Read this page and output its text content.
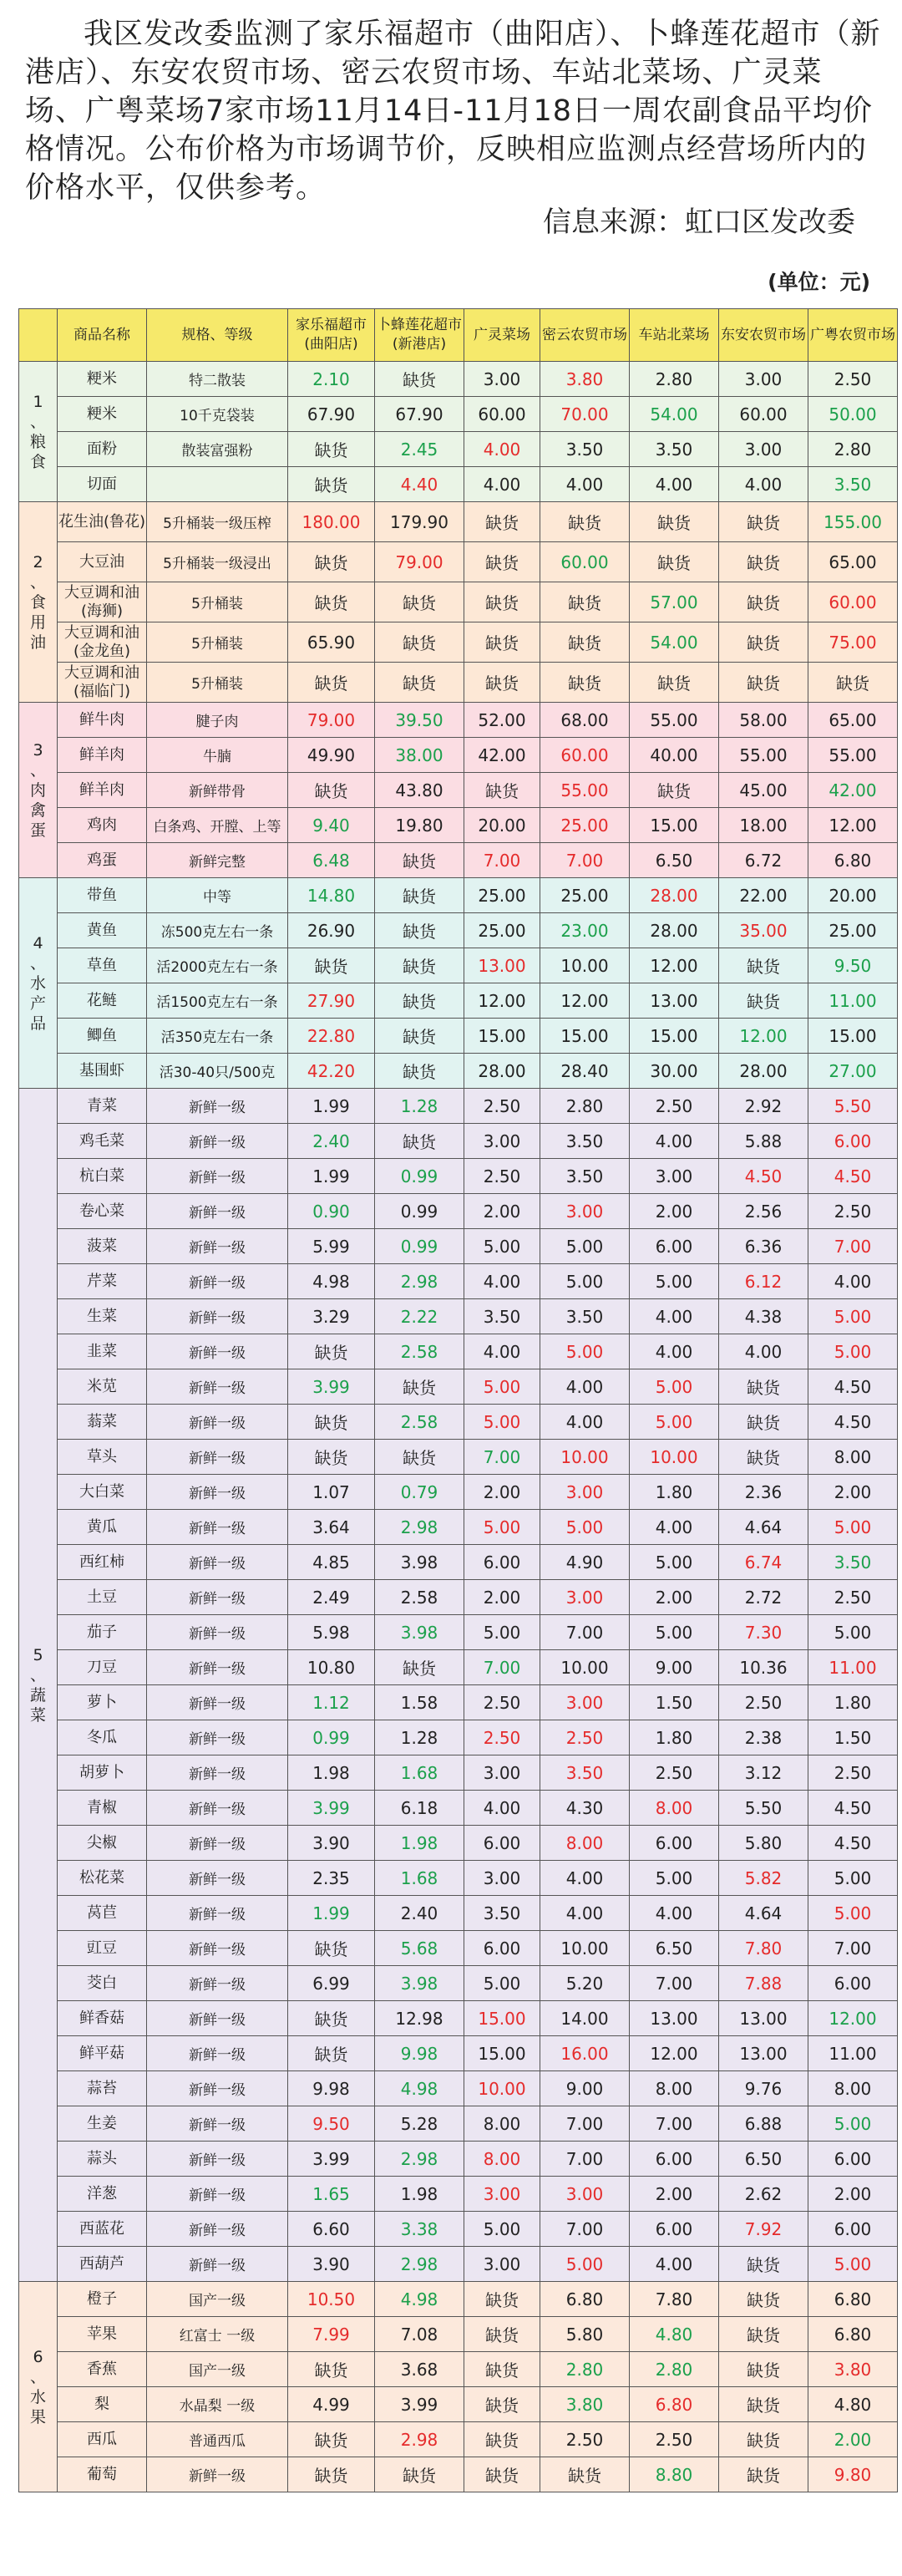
我区发改委监测了家乐福超市（曲阳店）、卜蜂莲花超市（新港店）、东安农贸市场、密云农贸市场、车站北菜场、广灵菜场、广粤菜场7家市场11月14日-11月18日一周农副食品平均价格情况。公布价格为市场调节价，反映相应监测点经营场所内的价格水平，仅供参考。

信息来源：虹口区发改委

(单位：元)

	商品名称	规格、等级	家乐福超市(曲阳店)	卜蜂莲花超市(新港店)	广灵菜场	密云农贸市场	车站北菜场	东安农贸市场	广粤农贸市场

1
、
粮
食	粳米	特二散装	2.10	缺货	3.00	3.80	2.80	3.00	2.50
	粳米	10千克袋装	67.90	67.90	60.00	70.00	54.00	60.00	50.00
	面粉	散装富强粉	缺货	2.45	4.00	3.50	3.50	3.00	2.80
	切面		缺货	4.40	4.00	4.00	4.00	4.00	3.50

2
、
食
用
油	花生油(鲁花)	5升桶装一级压榨	180.00	179.90	缺货	缺货	缺货	缺货	155.00
	大豆油	5升桶装一级浸出	缺货	79.00	缺货	60.00	缺货	缺货	65.00
	大豆调和油(海狮)	5升桶装	缺货	缺货	缺货	缺货	57.00	缺货	60.00
	大豆调和油(金龙鱼)	5升桶装	65.90	缺货	缺货	缺货	54.00	缺货	75.00
	大豆调和油(福临门)	5升桶装	缺货	缺货	缺货	缺货	缺货	缺货	缺货

3
、
肉
禽
蛋	鲜牛肉	腱子肉	79.00	39.50	52.00	68.00	55.00	58.00	65.00
	鲜羊肉	牛腩	49.90	38.00	42.00	60.00	40.00	55.00	55.00
	鲜羊肉	新鲜带骨	缺货	43.80	缺货	55.00	缺货	45.00	42.00
	鸡肉	白条鸡、开膛、上等	9.40	19.80	20.00	25.00	15.00	18.00	12.00
	鸡蛋	新鲜完整	6.48	缺货	7.00	7.00	6.50	6.72	6.80

4
、
水
产
品	带鱼	中等	14.80	缺货	25.00	25.00	28.00	22.00	20.00
	黄鱼	冻500克左右一条	26.90	缺货	25.00	23.00	28.00	35.00	25.00
	草鱼	活2000克左右一条	缺货	缺货	13.00	10.00	12.00	缺货	9.50
	花鲢	活1500克左右一条	27.90	缺货	12.00	12.00	13.00	缺货	11.00
	鲫鱼	活350克左右一条	22.80	缺货	15.00	15.00	15.00	12.00	15.00
	基围虾	活30-40只/500克	42.20	缺货	28.00	28.40	30.00	28.00	27.00

5
、
蔬
菜	青菜	新鲜一级	1.99	1.28	2.50	2.80	2.50	2.92	5.50
	鸡毛菜	新鲜一级	2.40	缺货	3.00	3.50	4.00	5.88	6.00
	杭白菜	新鲜一级	1.99	0.99	2.50	3.50	3.00	4.50	4.50
	卷心菜	新鲜一级	0.90	0.99	2.00	3.00	2.00	2.56	2.50
	菠菜	新鲜一级	5.99	0.99	5.00	5.00	6.00	6.36	7.00
	芹菜	新鲜一级	4.98	2.98	4.00	5.00	5.00	6.12	4.00
	生菜	新鲜一级	3.29	2.22	3.50	3.50	4.00	4.38	5.00
	韭菜	新鲜一级	缺货	2.58	4.00	5.00	4.00	4.00	5.00
	米苋	新鲜一级	3.99	缺货	5.00	4.00	5.00	缺货	4.50
	蓊菜	新鲜一级	缺货	2.58	5.00	4.00	5.00	缺货	4.50
	草头	新鲜一级	缺货	缺货	7.00	10.00	10.00	缺货	8.00
	大白菜	新鲜一级	1.07	0.79	2.00	3.00	1.80	2.36	2.00
	黄瓜	新鲜一级	3.64	2.98	5.00	5.00	4.00	4.64	5.00
	西红柿	新鲜一级	4.85	3.98	6.00	4.90	5.00	6.74	3.50
	土豆	新鲜一级	2.49	2.58	2.00	3.00	2.00	2.72	2.50
	茄子	新鲜一级	5.98	3.98	5.00	7.00	5.00	7.30	5.00
	刀豆	新鲜一级	10.80	缺货	7.00	10.00	9.00	10.36	11.00
	萝卜	新鲜一级	1.12	1.58	2.50	3.00	1.50	2.50	1.80
	冬瓜	新鲜一级	0.99	1.28	2.50	2.50	1.80	2.38	1.50
	胡萝卜	新鲜一级	1.98	1.68	3.00	3.50	2.50	3.12	2.50
	青椒	新鲜一级	3.99	6.18	4.00	4.30	8.00	5.50	4.50
	尖椒	新鲜一级	3.90	1.98	6.00	8.00	6.00	5.80	4.50
	松花菜	新鲜一级	2.35	1.68	3.00	4.00	5.00	5.82	5.00
	莴苣	新鲜一级	1.99	2.40	3.50	4.00	4.00	4.64	5.00
	豇豆	新鲜一级	缺货	5.68	6.00	10.00	6.50	7.80	7.00
	茭白	新鲜一级	6.99	3.98	5.00	5.20	7.00	7.88	6.00
	鲜香菇	新鲜一级	缺货	12.98	15.00	14.00	13.00	13.00	12.00
	鲜平菇	新鲜一级	缺货	9.98	15.00	16.00	12.00	13.00	11.00
	蒜苔	新鲜一级	9.98	4.98	10.00	9.00	8.00	9.76	8.00
	生姜	新鲜一级	9.50	5.28	8.00	7.00	7.00	6.88	5.00
	蒜头	新鲜一级	3.99	2.98	8.00	7.00	6.00	6.50	6.00
	洋葱	新鲜一级	1.65	1.98	3.00	3.00	2.00	2.62	2.00
	西蓝花	新鲜一级	6.60	3.38	5.00	7.00	6.00	7.92	6.00
	西葫芦	新鲜一级	3.90	2.98	3.00	5.00	4.00	缺货	5.00

6
、
水
果	橙子	国产一级	10.50	4.98	缺货	6.80	7.80	缺货	6.80
	苹果	红富士 一级	7.99	7.08	缺货	5.80	4.80	缺货	6.80
	香蕉	国产一级	缺货	3.68	缺货	2.80	2.80	缺货	3.80
	梨	水晶梨 一级	4.99	3.99	缺货	3.80	6.80	缺货	4.80
	西瓜	普通西瓜	缺货	2.98	缺货	2.50	2.50	缺货	2.00
	葡萄	新鲜一级	缺货	缺货	缺货	缺货	8.80	缺货	9.80
